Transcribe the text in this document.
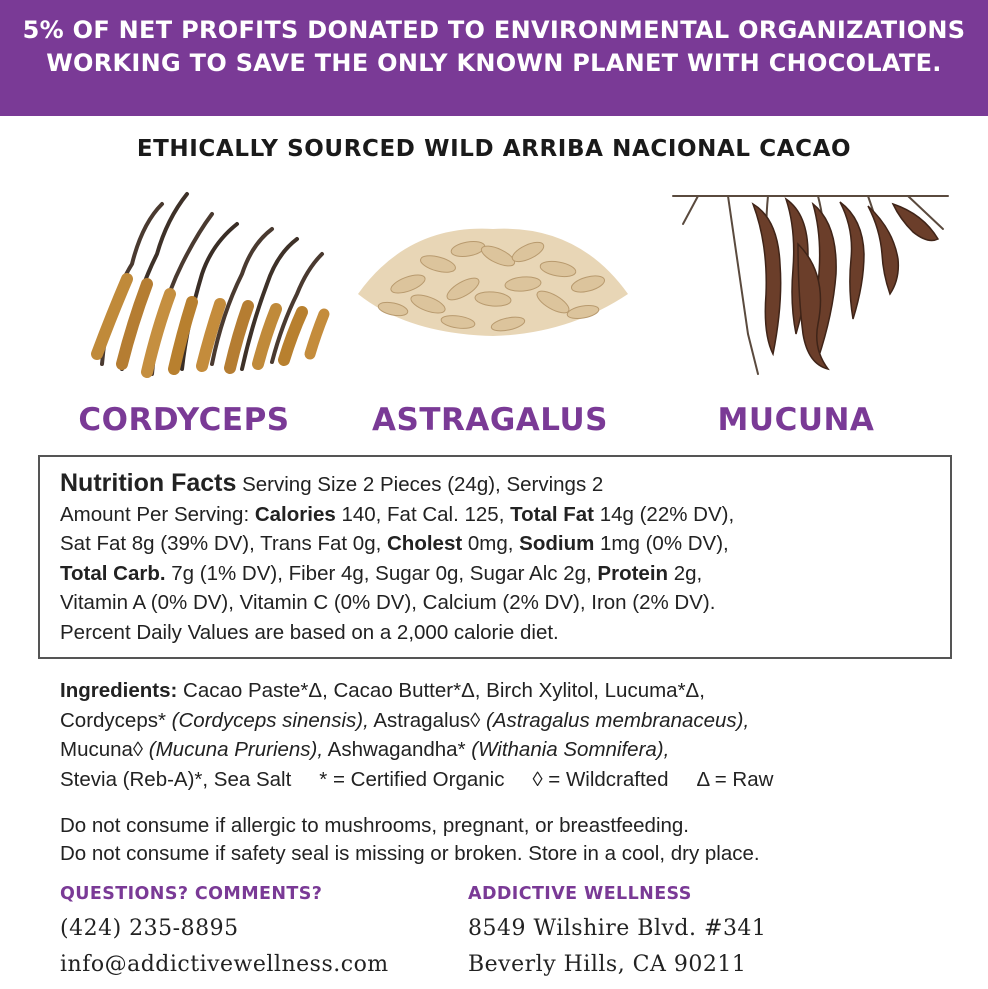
5% OF NET PROFITS DONATED TO ENVIRONMENTAL ORGANIZATIONS
WORKING TO SAVE THE ONLY KNOWN PLANET WITH CHOCOLATE.
ETHICALLY SOURCED WILD ARRIBA NACIONAL CACAO
CORDYCEPS	ASTRAGALUS	MUCUNA
Nutrition Facts Serving Size 2 Pieces (24g), Servings 2
Amount Per Serving: Calories 140, Fat Cal. 125, Total Fat 14g (22% DV),
Sat Fat 8g (39% DV), Trans Fat 0g, Cholest 0mg, Sodium 1mg (0% DV),
Total Carb. 7g (1% DV), Fiber 4g, Sugar 0g, Sugar Alc 2g, Protein 2g,
Vitamin A (0% DV), Vitamin C (0% DV), Calcium (2% DV), Iron (2% DV).
Percent Daily Values are based on a 2,000 calorie diet.
Ingredients: Cacao Paste*Δ, Cacao Butter*Δ, Birch Xylitol, Lucuma*Δ,
Cordyceps* (Cordyceps sinensis), Astragalus◊ (Astragalus membranaceus),
Mucuna◊ (Mucuna Pruriens), Ashwagandha* (Withania Somnifera),
Stevia (Reb-A)*, Sea Salt * = Certified Organic ◊ = Wildcrafted Δ = Raw
Do not consume if allergic to mushrooms, pregnant, or breastfeeding.
Do not consume if safety seal is missing or broken. Store in a cool, dry place.
QUESTIONS? COMMENTS?	ADDICTIVE WELLNESS
(424) 235-8895
info@addictivewellness.com
8549 Wilshire Blvd. #341
Beverly Hills, CA 90211
